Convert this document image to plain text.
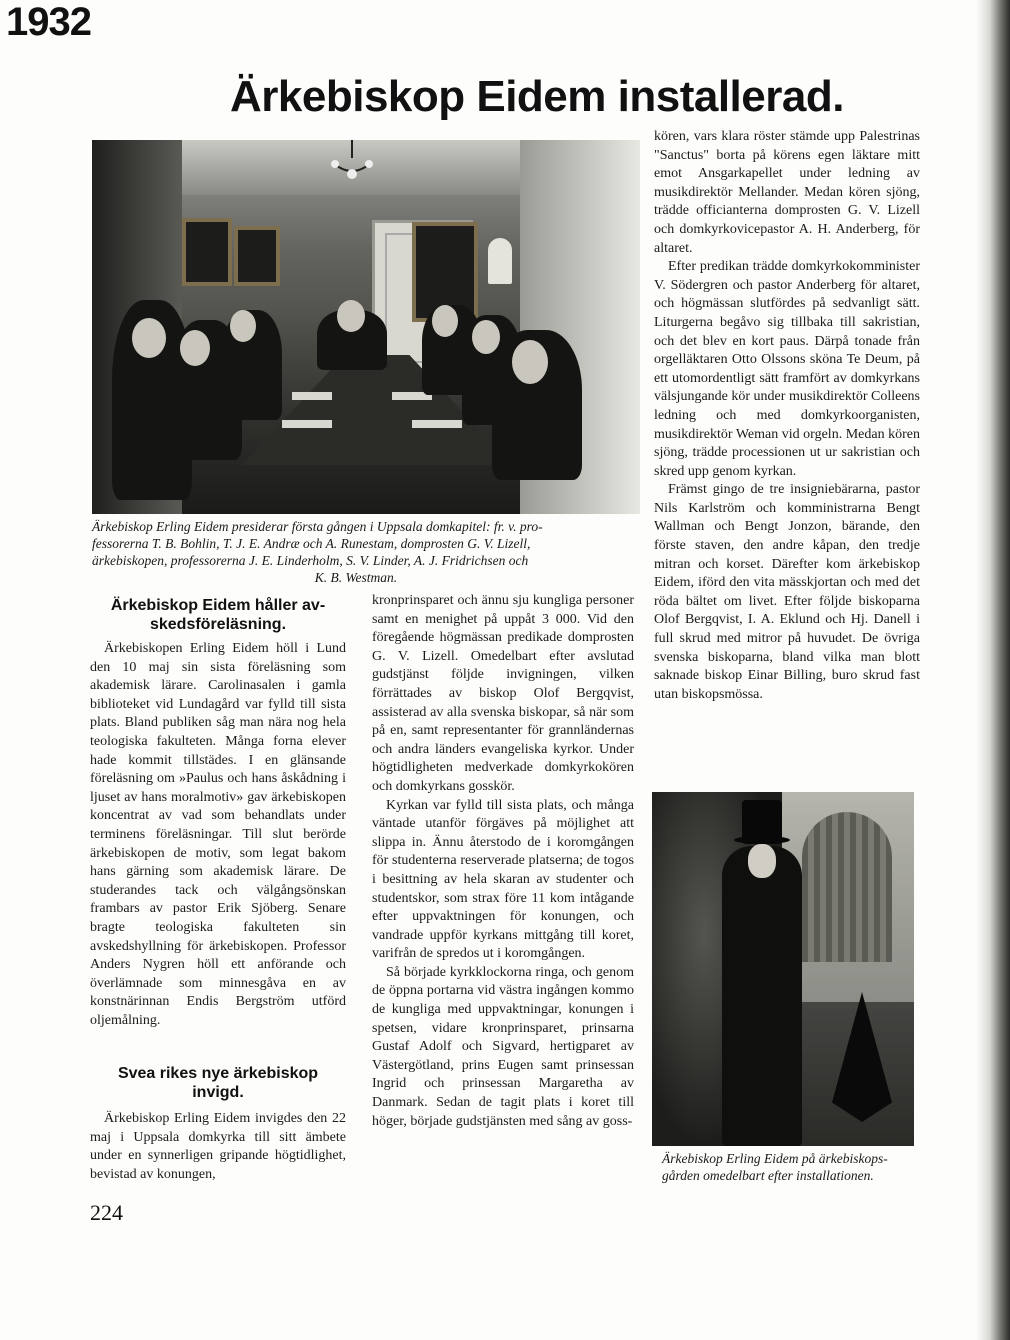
1932
Ärkebiskop Eidem installerad.
Ärkebiskop Erling Eidem presiderar första gången i Uppsala domkapitel: fr. v. pro-
fessorerna T. B. Bohlin, T. J. E. Andræ och A. Runestam, domprosten G. V. Lizell,
ärkebiskopen, professorerna J. E. Linderholm, S. V. Linder, A. J. Fridrichsen och
K. B. Westman.
Ärkebiskop Eidem håller av-
skedsföreläsning.

Ärkebiskopen Erling Eidem höll i Lund den 10 maj sin sista föreläsning som akademisk lärare. Carolinasalen i gamla biblioteket vid Lundagård var fylld till sista plats. Bland publiken såg man nära nog hela teologiska fakulteten. Många forna elever hade kommit tillstädes. I en glänsande föreläsning om »Paulus och hans åskådning i ljuset av hans moralmotiv» gav ärkebiskopen koncentrat av vad som behandlats under terminens föreläsningar. Till slut berörde ärkebiskopen de motiv, som legat bakom hans gärning som akademisk lärare. De studerandes tack och välgångsönskan frambars av pastor Erik Sjöberg. Senare bragte teologiska fakulteten sin avskedshyllning för ärkebiskopen. Professor Anders Nygren höll ett anförande och överlämnade som minnesgåva en av konstnärinnan Endis Bergström utförd oljemålning.

Svea rikes nye ärkebiskop
invigd.

Ärkebiskop Erling Eidem invigdes den 22 maj i Uppsala domkyrka till sitt ämbete under en synnerligen gripande högtidlighet, bevistad av konungen,

kronprinsparet och ännu sju kungliga personer samt en menighet på uppåt 3 000. Vid den föregående högmässan predikade domprosten G. V. Lizell. Omedelbart efter avslutad gudstjänst följde invigningen, vilken förrättades av biskop Olof Bergqvist, assisterad av alla svenska biskopar, så när som på en, samt representanter för grannländernas och andra länders evangeliska kyrkor. Under högtidligheten medverkade domkyrkokören och domkyrkans gosskör.

Kyrkan var fylld till sista plats, och många väntade utanför förgäves på möjlighet att slippa in. Ännu återstodo de i koromgången för studenterna reserverade platserna; de togos i besittning av hela skaran av studenter och studentskor, som strax före 11 kom intågande efter uppvaktningen för konungen, och vandrade uppför kyrkans mittgång till koret, varifrån de spredos ut i koromgången.

Så började kyrkklockorna ringa, och genom de öppna portarna vid västra ingången kommo de kungliga med uppvaktningar, konungen i spetsen, vidare kronprinsparet, prinsarna Gustaf Adolf och Sigvard, hertigparet av Västergötland, prins Eugen samt prinsessan Ingrid och prinsessan Margaretha av Danmark. Sedan de tagit plats i koret till höger, började gudstjänsten med sång av goss-

kören, vars klara röster stämde upp Palestrinas "Sanctus" borta på körens egen läktare mitt emot Ansgarkapellet under ledning av musikdirektör Mellander. Medan kören sjöng, trädde officianterna domprosten G. V. Lizell och domkyrkovicepastor A. H. Anderberg, för altaret.

Efter predikan trädde domkyrkokomminister V. Södergren och pastor Anderberg för altaret, och högmässan slutfördes på sedvanligt sätt. Liturgerna begåvo sig tillbaka till sakristian, och det blev en kort paus. Därpå tonade från orgelläktaren Otto Olssons sköna Te Deum, på ett utomordentligt sätt framfört av domkyrkans välsjungande kör under musikdirektör Colleens ledning och med domkyrkoorganisten, musikdirektör Weman vid orgeln. Medan kören sjöng, trädde processionen ut ur sakristian och skred upp genom kyrkan.

Främst gingo de tre insigniebärarna, pastor Nils Karlström och komministrarna Bengt Wallman och Bengt Jonzon, bärande, den förste staven, den andre kåpan, den tredje mitran och korset. Därefter kom ärkebiskop Eidem, iförd den vita mässkjortan och med det röda bältet om livet. Efter följde biskoparna Olof Bergqvist, I. A. Eklund och Hj. Danell i full skrud med mitror på huvudet. De övriga svenska biskoparna, bland vilka man blott saknade biskop Einar Billing, buro skrud fast utan biskopsmössa.

Ärkebiskop Erling Eidem på ärkebiskops-
gården omedelbart efter installationen.
224
